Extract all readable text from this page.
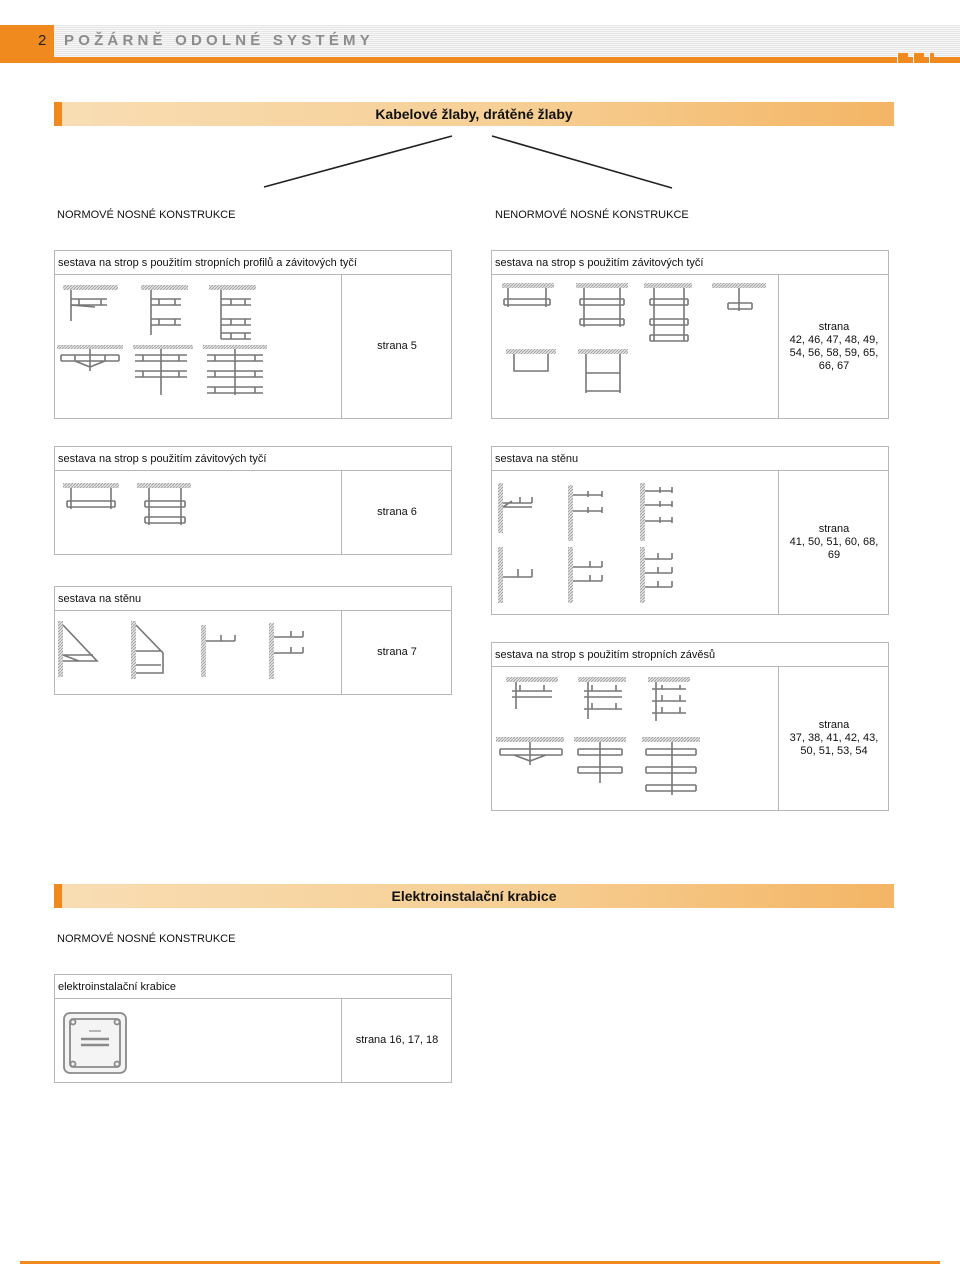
2 POŽÁRNĚ ODOLNÉ SYSTÉMY
Kabelové žlaby, drátěné žlaby
NORMOVÉ NOSNÉ KONSTRUKCE	NENORMOVÉ NOSNÉ KONSTRUKCE
sestava na strop s použitím stropních profilů a závitových tyčí
strana 5
sestava na strop s použitím závitových tyčí
strana
42, 46, 47, 48, 49, 54, 56, 58, 59, 65, 66, 67
sestava na strop s použitím závitových tyčí
strana 6
sestava na stěnu
strana
41, 50, 51, 60, 68, 69
sestava na stěnu
strana 7	sestava na strop s použitím stropních závěsů
strana
37, 38, 41, 42, 43, 50, 51, 53, 54
Elektroinstalační krabice
NORMOVÉ NOSNÉ KONSTRUKCE
elektroinstalační krabice
strana 16, 17, 18
